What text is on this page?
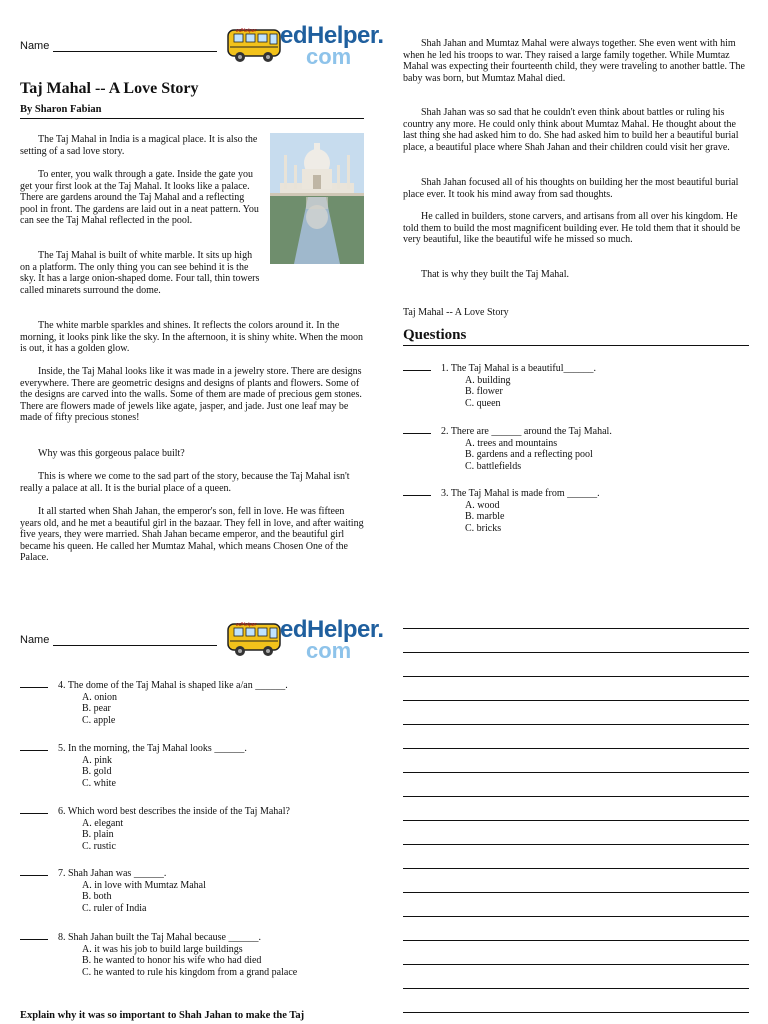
Name
edHelper edHelper.
com
Taj Mahal -- A Love Story
By Sharon Fabian

The Taj Mahal in India is a magical place. It is also the setting of a sad love story.

To enter, you walk through a gate. Inside the gate you get your first look at the Taj Mahal. It looks like a palace. There are gardens around the Taj Mahal and a reflecting pool in front. The gardens are laid out in a neat pattern. You can see the Taj Mahal reflected in the pool.

The Taj Mahal is built of white marble. It sits up high on a platform. The only thing you can see behind it is the sky. It has a large onion-shaped dome. Four tall, thin towers called minarets surround the dome.

The white marble sparkles and shines. It reflects the colors around it. In the morning, it looks pink like the sky. In the afternoon, it is shiny white. When the moon is out, it has a golden glow.

Inside, the Taj Mahal looks like it was made in a jewelry store. There are designs everywhere. There are geometric designs and designs of plants and flowers. Some of the designs are carved into the walls. Some of them are made of precious gem stones. There are flowers made of jewels like agate, jasper, and jade. Just one leaf may be made of fifty precious stones!

Why was this gorgeous palace built?

This is where we come to the sad part of the story, because the Taj Mahal isn't really a palace at all. It is the burial place of a queen.

It all started when Shah Jahan, the emperor's son, fell in love. He was fifteen years old, and he met a beautiful girl in the bazaar. They fell in love, and after waiting five years, they were married. Shah Jahan became emperor, and the beautiful girl became his queen. He called her Mumtaz Mahal, which means Chosen One of the Palace.

Shah Jahan and Mumtaz Mahal were always together. She even went with him when he led his troops to war. They raised a large family together. While Mumtaz Mahal was expecting their fourteenth child, they were traveling to another battle. The baby was born, but Mumtaz Mahal died.

Shah Jahan was so sad that he couldn't even think about battles or ruling his country any more. He could only think about Mumtaz Mahal. He thought about the last thing she had asked him to do. She had asked him to build her a beautiful burial place, a beautiful place where Shah Jahan and their children could visit her grave.

Shah Jahan focused all of his thoughts on building her the most beautiful burial place ever. It took his mind away from sad thoughts.

He called in builders, stone carvers, and artisans from all over his kingdom. He told them to build the most magnificent building ever. He told them that it should be very beautiful, like the beautiful wife he missed so much.

That is why they built the Taj Mahal.

Taj Mahal -- A Love Story
Questions
1. The Taj Mahal is a beautiful______.
A. building
B. flower
C. queen
2. There are ______ around the Taj Mahal.
A. trees and mountains
B. gardens and a reflecting pool
C. battlefields
3. The Taj Mahal is made from ______.
A. wood
B. marble
C. bricks
Name
edHelper edHelper.
com
4. The dome of the Taj Mahal is shaped like a/an ______.
A. onion
B. pear
C. apple
5. In the morning, the Taj Mahal looks ______.
A. pink
B. gold
C. white
6. Which word best describes the inside of the Taj Mahal?
A. elegant
B. plain
C. rustic
7. Shah Jahan was ______.
A. in love with Mumtaz Mahal
B. both
C. ruler of India
8. Shah Jahan built the Taj Mahal because ______.
A. it was his job to build large buildings
B. he wanted to honor his wife who had died
C. he wanted to rule his kingdom from a grand palace
Explain why it was so important to Shah Jahan to make the Taj
